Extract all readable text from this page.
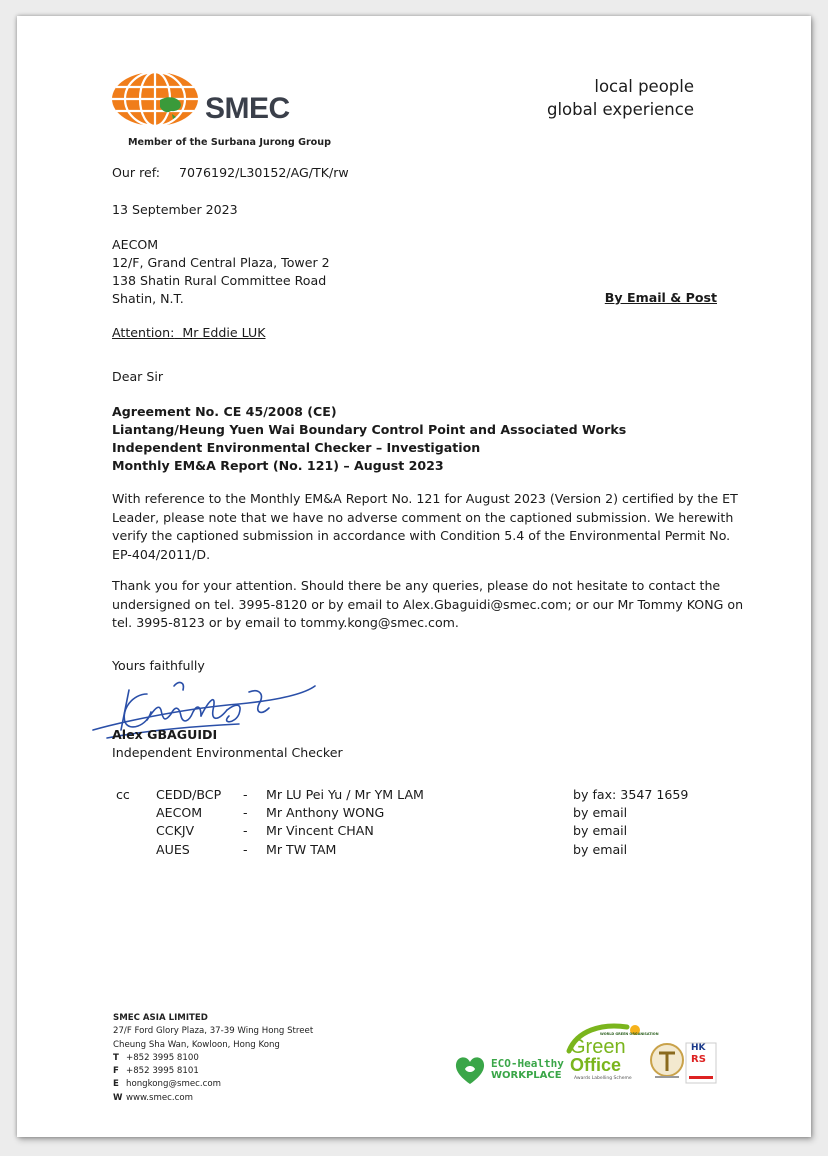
SMEC
Member of the Surbana Jurong Group
local people
global experience
Our ref: 7076192/L30152/AG/TK/rw
13 September 2023
AECOM
12/F, Grand Central Plaza, Tower 2
138 Shatin Rural Committee Road
Shatin, N.T.	By Email & Post
Attention: Mr Eddie LUK
Dear Sir
Agreement No. CE 45/2008 (CE)
Liantang/Heung Yuen Wai Boundary Control Point and Associated Works
Independent Environmental Checker – Investigation
Monthly EM&A Report (No. 121) – August 2023
With reference to the Monthly EM&A Report No. 121 for August 2023 (Version 2) certified by the ET
Leader, please note that we have no adverse comment on the captioned submission. We herewith
verify the captioned submission in accordance with Condition 5.4 of the Environmental Permit No.
EP-404/2011/D.
Thank you for your attention. Should there be any queries, please do not hesitate to contact the
undersigned on tel. 3995-8120 or by email to Alex.Gbaguidi@smec.com; or our Mr Tommy KONG on
tel. 3995-8123 or by email to tommy.kong@smec.com.
Yours faithfully
Alex GBAGUIDI
Independent Environmental Checker
cc CEDD/BCP - Mr LU Pei Yu / Mr YM LAM	by fax: 3547 1659
AECOM	- Mr Anthony WONG	by email
CCKJV	- Mr Vincent CHAN	by email
AUES	- Mr TW TAM	by email
SMEC ASIA LIMITED
27/F Ford Glory Plaza, 37-39 Wing Hong Street
Cheung Sha Wan, Kowloon, Hong Kong
T +852 3995 8100
F +852 3995 8101
E hongkong@smec.com
W www.smec.com
ECO-Healthy
WORKPLACE
WORLD GREEN ORGANISATION
Green
Office
Awards Labelling Scheme
HK
RS
